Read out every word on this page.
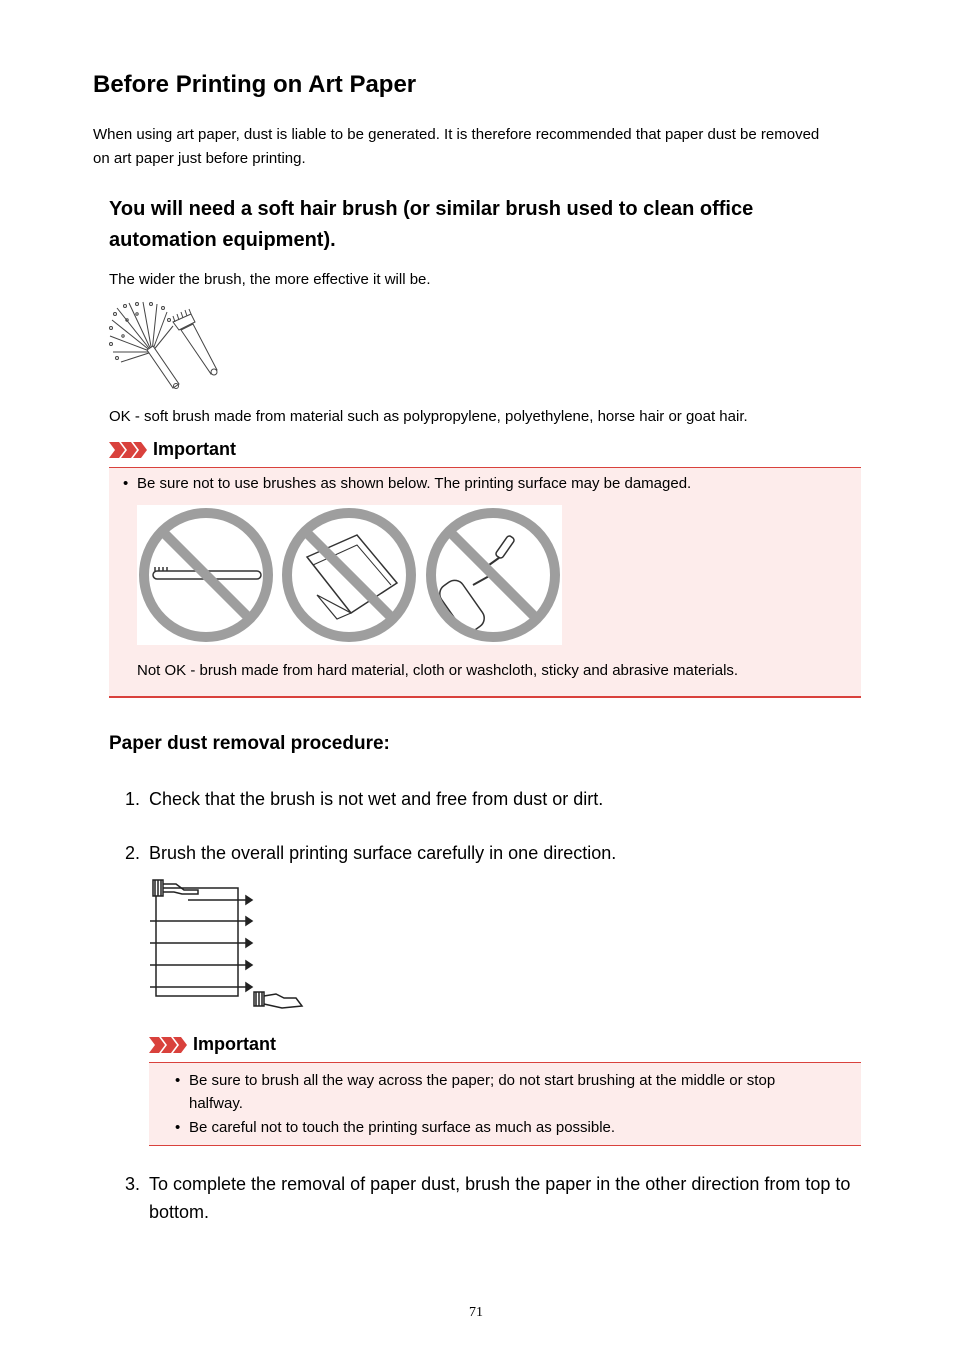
Before Printing on Art Paper

When using art paper, dust is liable to be generated. It is therefore recommended that paper dust be removed on art paper just before printing.

You will need a soft hair brush (or similar brush used to clean office
automation equipment).

The wider the brush, the more effective it will be.

OK - soft brush made from material such as polypropylene, polyethylene, horse hair or goat hair.

Important
• Be sure not to use brushes as shown below. The printing surface may be damaged.

Not OK - brush made from hard material, cloth or washcloth, sticky and abrasive materials.

Paper dust removal procedure:
1. Check that the brush is not wet and free from dust or dirt.
2. Brush the overall printing surface carefully in one direction.
Important
• Be sure to brush all the way across the paper; do not start brushing at the middle or stop
halfway.
• Be careful not to touch the printing surface as much as possible.
3. To complete the removal of paper dust, brush the paper in the other direction from top to
bottom.
71
